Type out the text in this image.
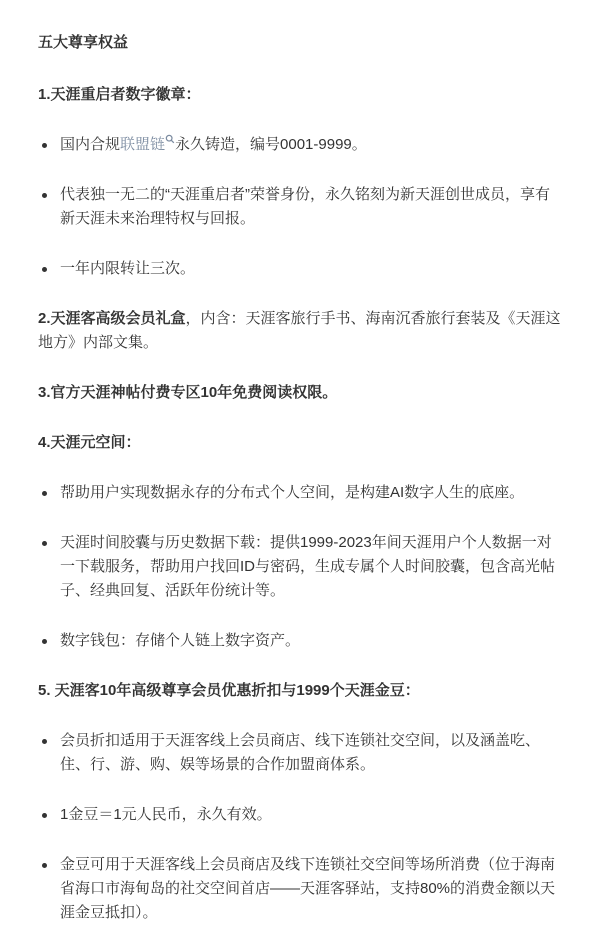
五大尊享权益

1.天涯重启者数字徽章：

国内合规联盟链 永久铸造，编号0001-9999。
代表独一无二的“天涯重启者”荣誉身份，永久铭刻为新天涯创世成员，享有新天涯未来治理特权与回报。
一年内限转让三次。

2.天涯客高级会员礼盒，内含：天涯客旅行手书、海南沉香旅行套装及《天涯这地方》内部文集。

3.官方天涯神帖付费专区10年免费阅读权限。

4.天涯元空间：

帮助用户实现数据永存的分布式个人空间，是构建AI数字人生的底座。
天涯时间胶囊与历史数据下载：提供1999-2023年间天涯用户个人数据一对一下载服务，帮助用户找回ID与密码，生成专属个人时间胶囊，包含高光帖子、经典回复、活跃年份统计等。
数字钱包：存储个人链上数字资产。

5. 天涯客10年高级尊享会员优惠折扣与1999个天涯金豆：

会员折扣适用于天涯客线上会员商店、线下连锁社交空间，以及涵盖吃、住、行、游、购、娱等场景的合作加盟商体系。
1金豆＝1元人民币，永久有效。
金豆可用于天涯客线上会员商店及线下连锁社交空间等场所消费（位于海南省海口市海甸岛的社交空间首店——天涯客驿站，支持80%的消费金额以天涯金豆抵扣）。
